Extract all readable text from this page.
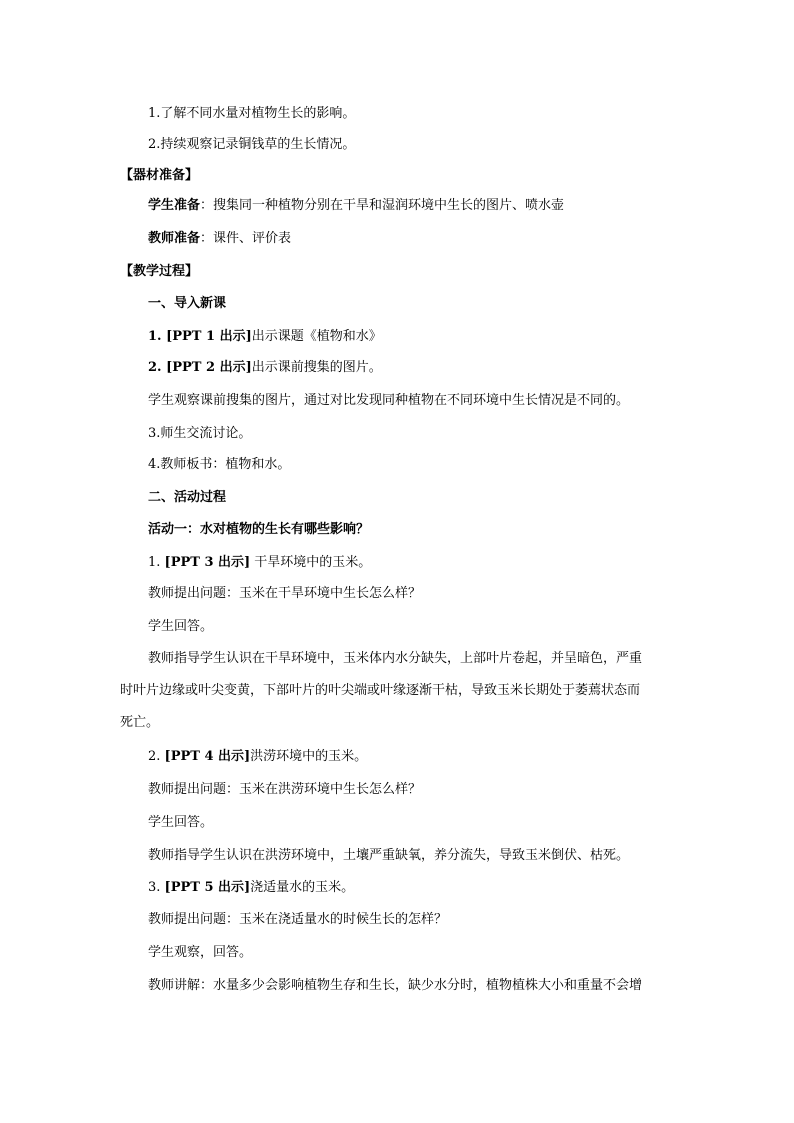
1.了解不同水量对植物生长的影响。
2.持续观察记录铜钱草的生长情况。
【器材准备】
学生准备：搜集同一种植物分别在干旱和湿润环境中生长的图片、喷水壶
教师准备：课件、评价表
【教学过程】
一、导入新课
1. [PPT 1 出示]出示课题《植物和水》
2. [PPT 2 出示]出示课前搜集的图片。
学生观察课前搜集的图片，通过对比发现同种植物在不同环境中生长情况是不同的。
3.师生交流讨论。
4.教师板书：植物和水。
二、活动过程
活动一：水对植物的生长有哪些影响？
1. [PPT 3 出示] 干旱环境中的玉米。
教师提出问题：玉米在干旱环境中生长怎么样？
学生回答。
教师指导学生认识在干旱环境中，玉米体内水分缺失，上部叶片卷起，并呈暗色，严重时叶片边缘或叶尖变黄，下部叶片的叶尖端或叶缘逐渐干枯，导致玉米长期处于萎蔫状态而死亡。
2. [PPT 4 出示]洪涝环境中的玉米。
教师提出问题：玉米在洪涝环境中生长怎么样？
学生回答。
教师指导学生认识在洪涝环境中，土壤严重缺氧，养分流失，导致玉米倒伏、枯死。
3. [PPT 5 出示]浇适量水的玉米。
教师提出问题：玉米在浇适量水的时候生长的怎样？
学生观察，回答。
教师讲解：水量多少会影响植物生存和生长，缺少水分时，植物植株大小和重量不会增
